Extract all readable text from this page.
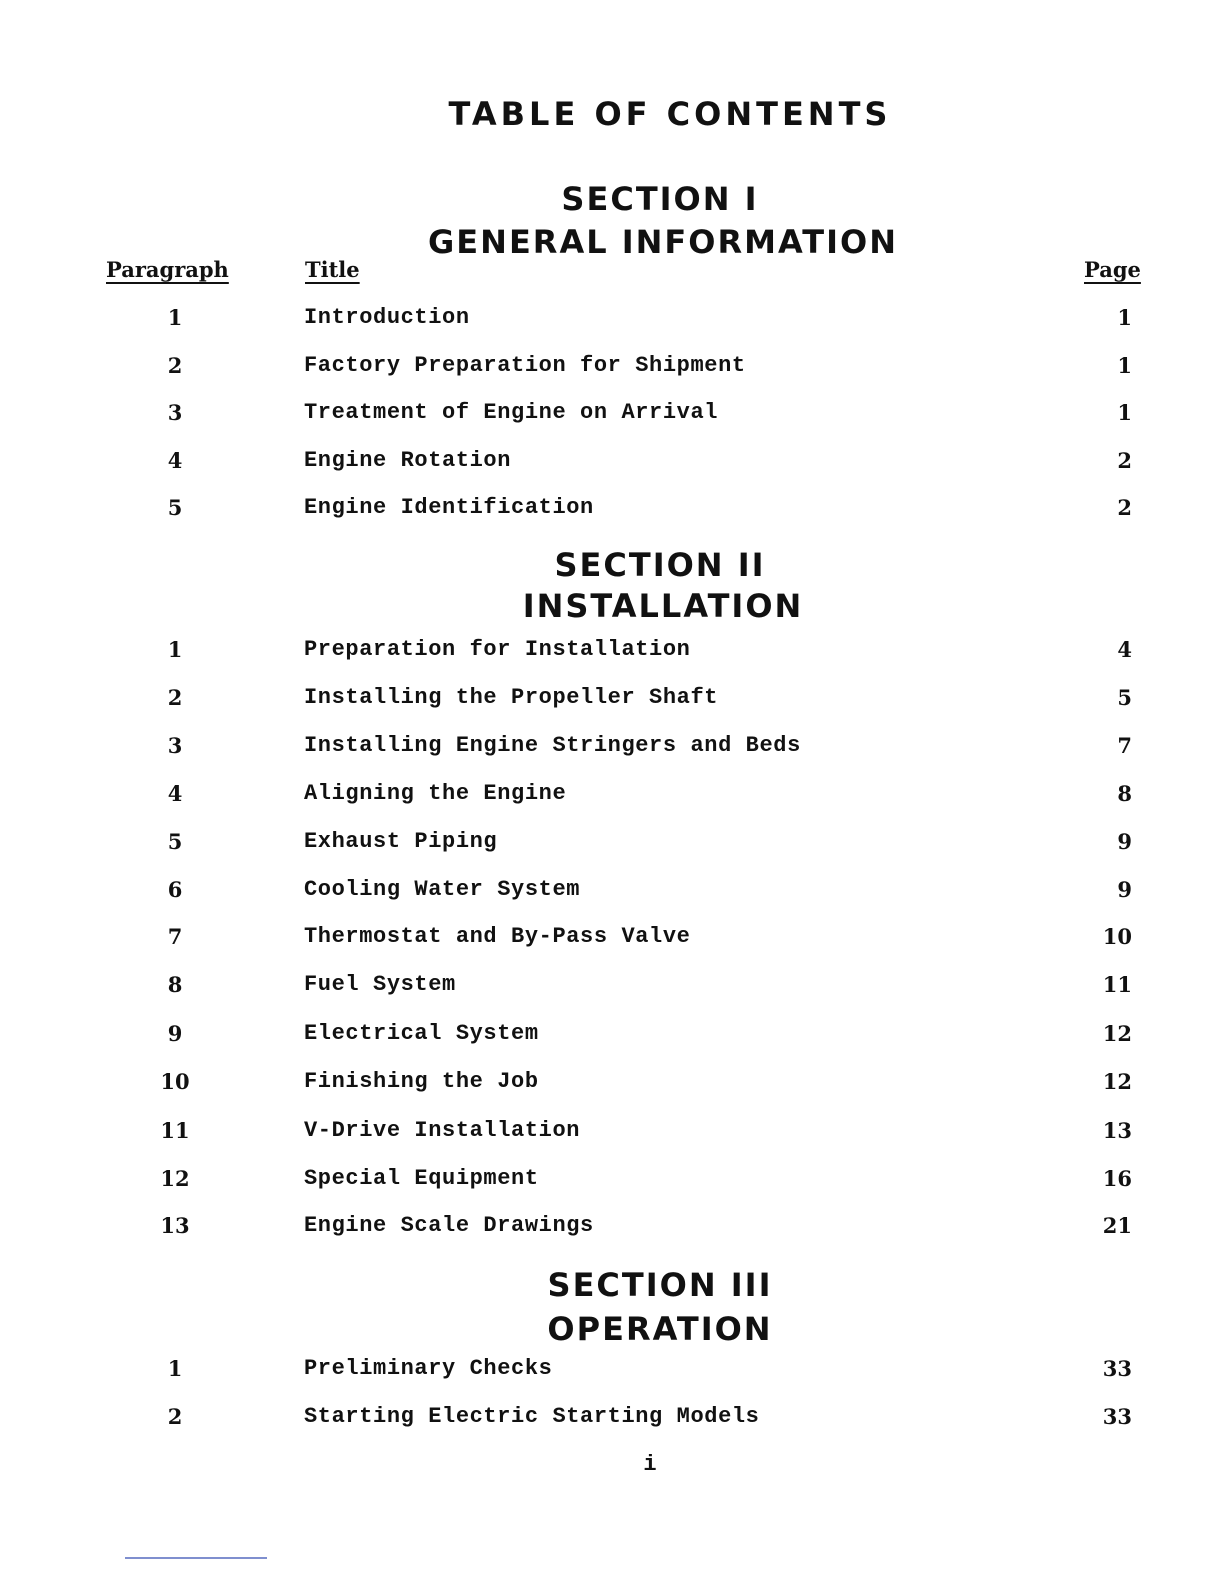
TABLE OF CONTENTS
SECTION I
GENERAL INFORMATION
Paragraph	Title	Page
1	Introduction	1
2	Factory Preparation for Shipment	1
3	Treatment of Engine on Arrival	1
4	Engine Rotation	2
5	Engine Identification	2
SECTION II
INSTALLATION
1	Preparation for Installation	4
2	Installing the Propeller Shaft	5
3	Installing Engine Stringers and Beds	7
4	Aligning the Engine	8
5	Exhaust Piping	9
6	Cooling Water System	9
7	Thermostat and By-Pass Valve	10
8	Fuel System	11
9	Electrical System	12
10	Finishing the Job	12
11	V-Drive Installation	13
12	Special Equipment	16
13	Engine Scale Drawings	21
SECTION III
OPERATION
1	Preliminary Checks	33
2	Starting Electric Starting Models	33
i
